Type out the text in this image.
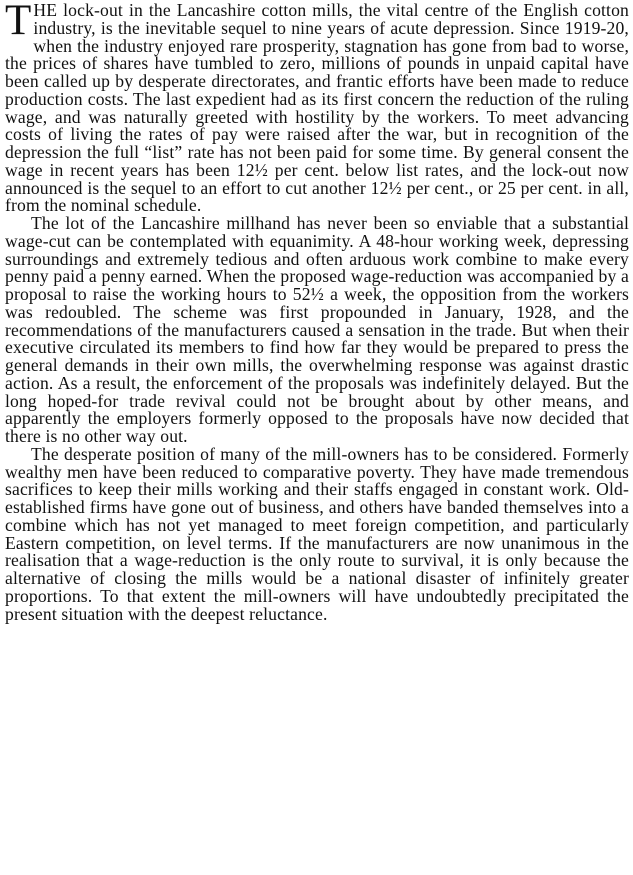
THE lock-out in the Lancashire cotton mills, the vital centre of the English cotton industry, is the inevitable sequel to nine years of acute depression. Since 1919-20, when the industry enjoyed rare prosperity, stagnation has gone from bad to worse, the prices of shares have tumbled to zero, millions of pounds in unpaid capital have been called up by desperate directorates, and frantic efforts have been made to reduce production costs. The last expedient had as its first concern the reduction of the ruling wage, and was naturally greeted with hostility by the workers. To meet advancing costs of living the rates of pay were raised after the war, but in recognition of the depression the full “list” rate has not been paid for some time. By general consent the wage in recent years has been 12½ per cent. below list rates, and the lock-out now announced is the sequel to an effort to cut another 12½ per cent., or 25 per cent. in all, from the nominal schedule.

The lot of the Lancashire millhand has never been so enviable that a substantial wage-cut can be contemplated with equanimity. A 48-hour working week, depressing surroundings and extremely tedious and often arduous work combine to make every penny paid a penny earned. When the proposed wage-reduction was accompanied by a proposal to raise the working hours to 52½ a week, the opposition from the workers was redoubled. The scheme was first propounded in January, 1928, and the recommendations of the manufacturers caused a sensation in the trade. But when their executive circulated its members to find how far they would be prepared to press the general demands in their own mills, the overwhelming response was against drastic action. As a result, the enforcement of the proposals was indefinitely delayed. But the long hoped-for trade revival could not be brought about by other means, and apparently the employers formerly opposed to the proposals have now decided that there is no other way out.

The desperate position of many of the mill-owners has to be considered. Formerly wealthy men have been reduced to comparative poverty. They have made tremendous sacrifices to keep their mills working and their staffs engaged in constant work. Old-established firms have gone out of business, and others have banded themselves into a combine which has not yet managed to meet foreign competition, and particularly Eastern competition, on level terms. If the manufacturers are now unanimous in the realisation that a wage-reduction is the only route to survival, it is only because the alternative of closing the mills would be a national disaster of infinitely greater proportions. To that extent the mill-owners will have undoubtedly precipitated the present situation with the deepest reluctance.
